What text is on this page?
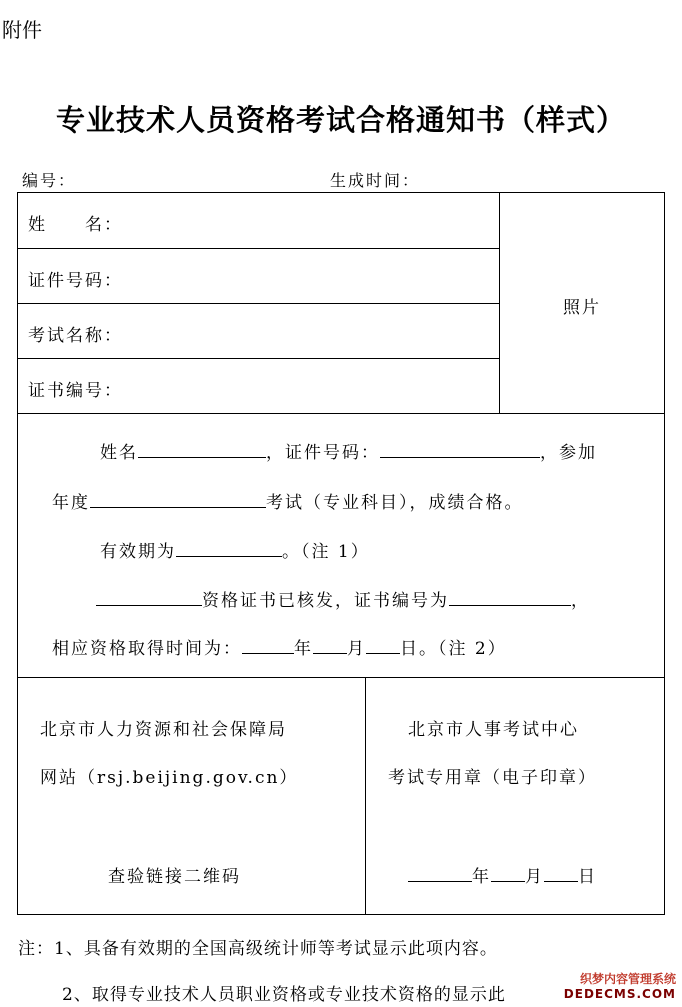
附件
专业技术人员资格考试合格通知书（样式）
编号：	生成时间：
姓　　名：
证件号码：
考试名称：
证书编号：
照片
姓名	，证件号码：	，参加
年度	考试（专业科目），成绩合格。
有效期为	。（注 1）
资格证书已核发，证书编号为	，
相应资格取得时间为：	年 月 日。（注 2）
北京市人力资源和社会保障局
网站（rsj.beijing.gov.cn）
查验链接二维码
北京市人事考试中心
考试专用章（电子印章）
年 月 日
注：1、具备有效期的全国高级统计师等考试显示此项内容。
2、取得专业技术人员职业资格或专业技术资格的显示此
织梦内容管理系统
DEDECMS.COM
